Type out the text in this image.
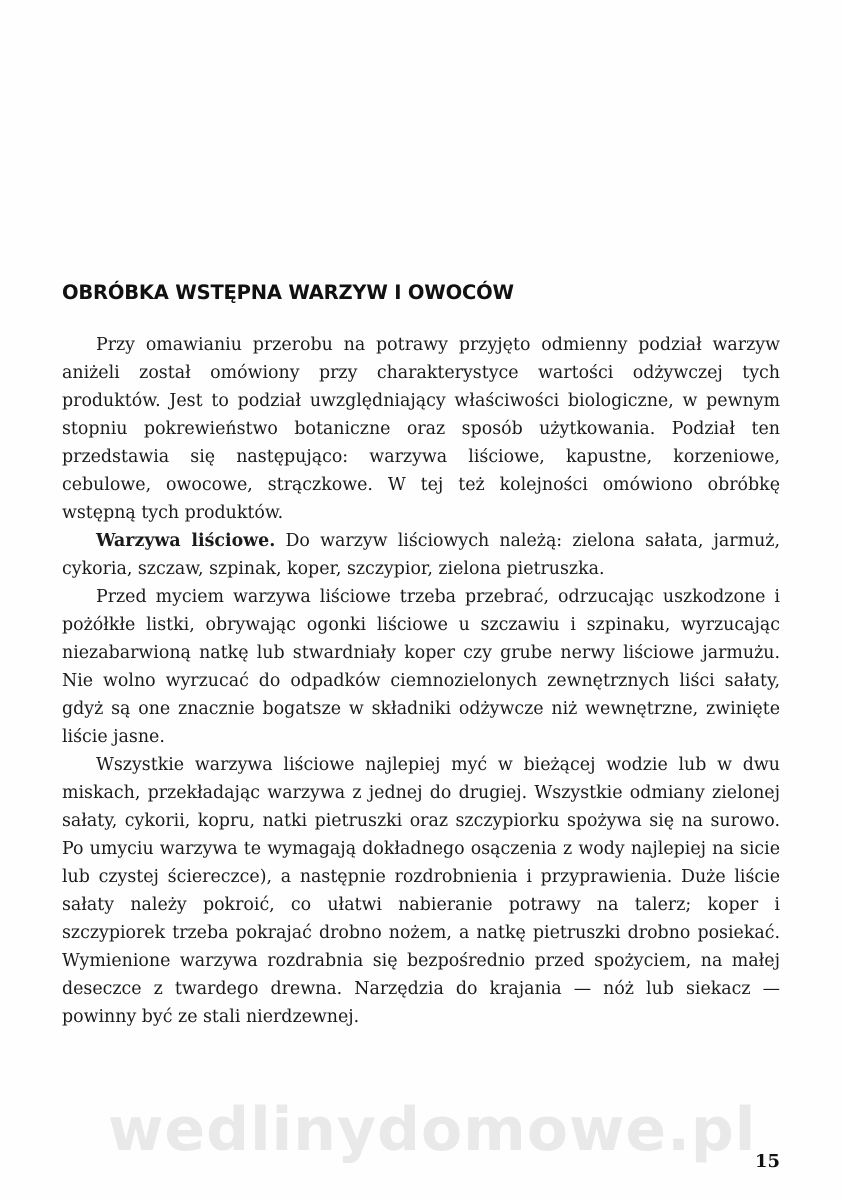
OBRÓBKA WSTĘPNA WARZYW I OWOCÓW

Przy omawianiu przerobu na potrawy przyjęto odmienny podział warzyw aniżeli został omówiony przy charakterystyce wartości odżywczej tych produktów. Jest to podział uwzględniający właściwości biologiczne, w pewnym stopniu pokrewieństwo botaniczne oraz sposób użytkowania. Podział ten przedstawia się następująco: warzywa liściowe, kapustne, korzeniowe, cebulowe, owocowe, strączkowe. W tej też kolejności omówiono obróbkę wstępną tych produktów.

Warzywa liściowe. Do warzyw liściowych należą: zielona sałata, jarmuż, cykoria, szczaw, szpinak, koper, szczypior, zielona pietruszka.

Przed myciem warzywa liściowe trzeba przebrać, odrzucając uszkodzone i pożółkłe listki, obrywając ogonki liściowe u szczawiu i szpinaku, wyrzucając niezabarwioną natkę lub stwardniały koper czy grube nerwy liściowe jarmużu. Nie wolno wyrzucać do odpadków ciemnozielonych zewnętrznych liści sałaty, gdyż są one znacznie bogatsze w składniki odżywcze niż wewnętrzne, zwinięte liście jasne.

Wszystkie warzywa liściowe najlepiej myć w bieżącej wodzie lub w dwu miskach, przekładając warzywa z jednej do drugiej. Wszystkie odmiany zielonej sałaty, cykorii, kopru, natki pietruszki oraz szczypiorku spożywa się na surowo. Po umyciu warzywa te wymagają dokładnego osączenia z wody najlepiej na sicie lub czystej ściereczce), a następnie rozdrobnienia i przyprawienia. Duże liście sałaty należy pokroić, co ułatwi nabieranie potrawy na talerz; koper i szczypiorek trzeba pokrajać drobno nożem, a natkę pietruszki drobno posiekać. Wymienione warzywa rozdrabnia się bezpośrednio przed spożyciem, na małej deseczce z twardego drewna. Narzędzia do krajania — nóż lub siekacz — powinny być ze stali nierdzewnej.

wedlinydomowe.pl
15
